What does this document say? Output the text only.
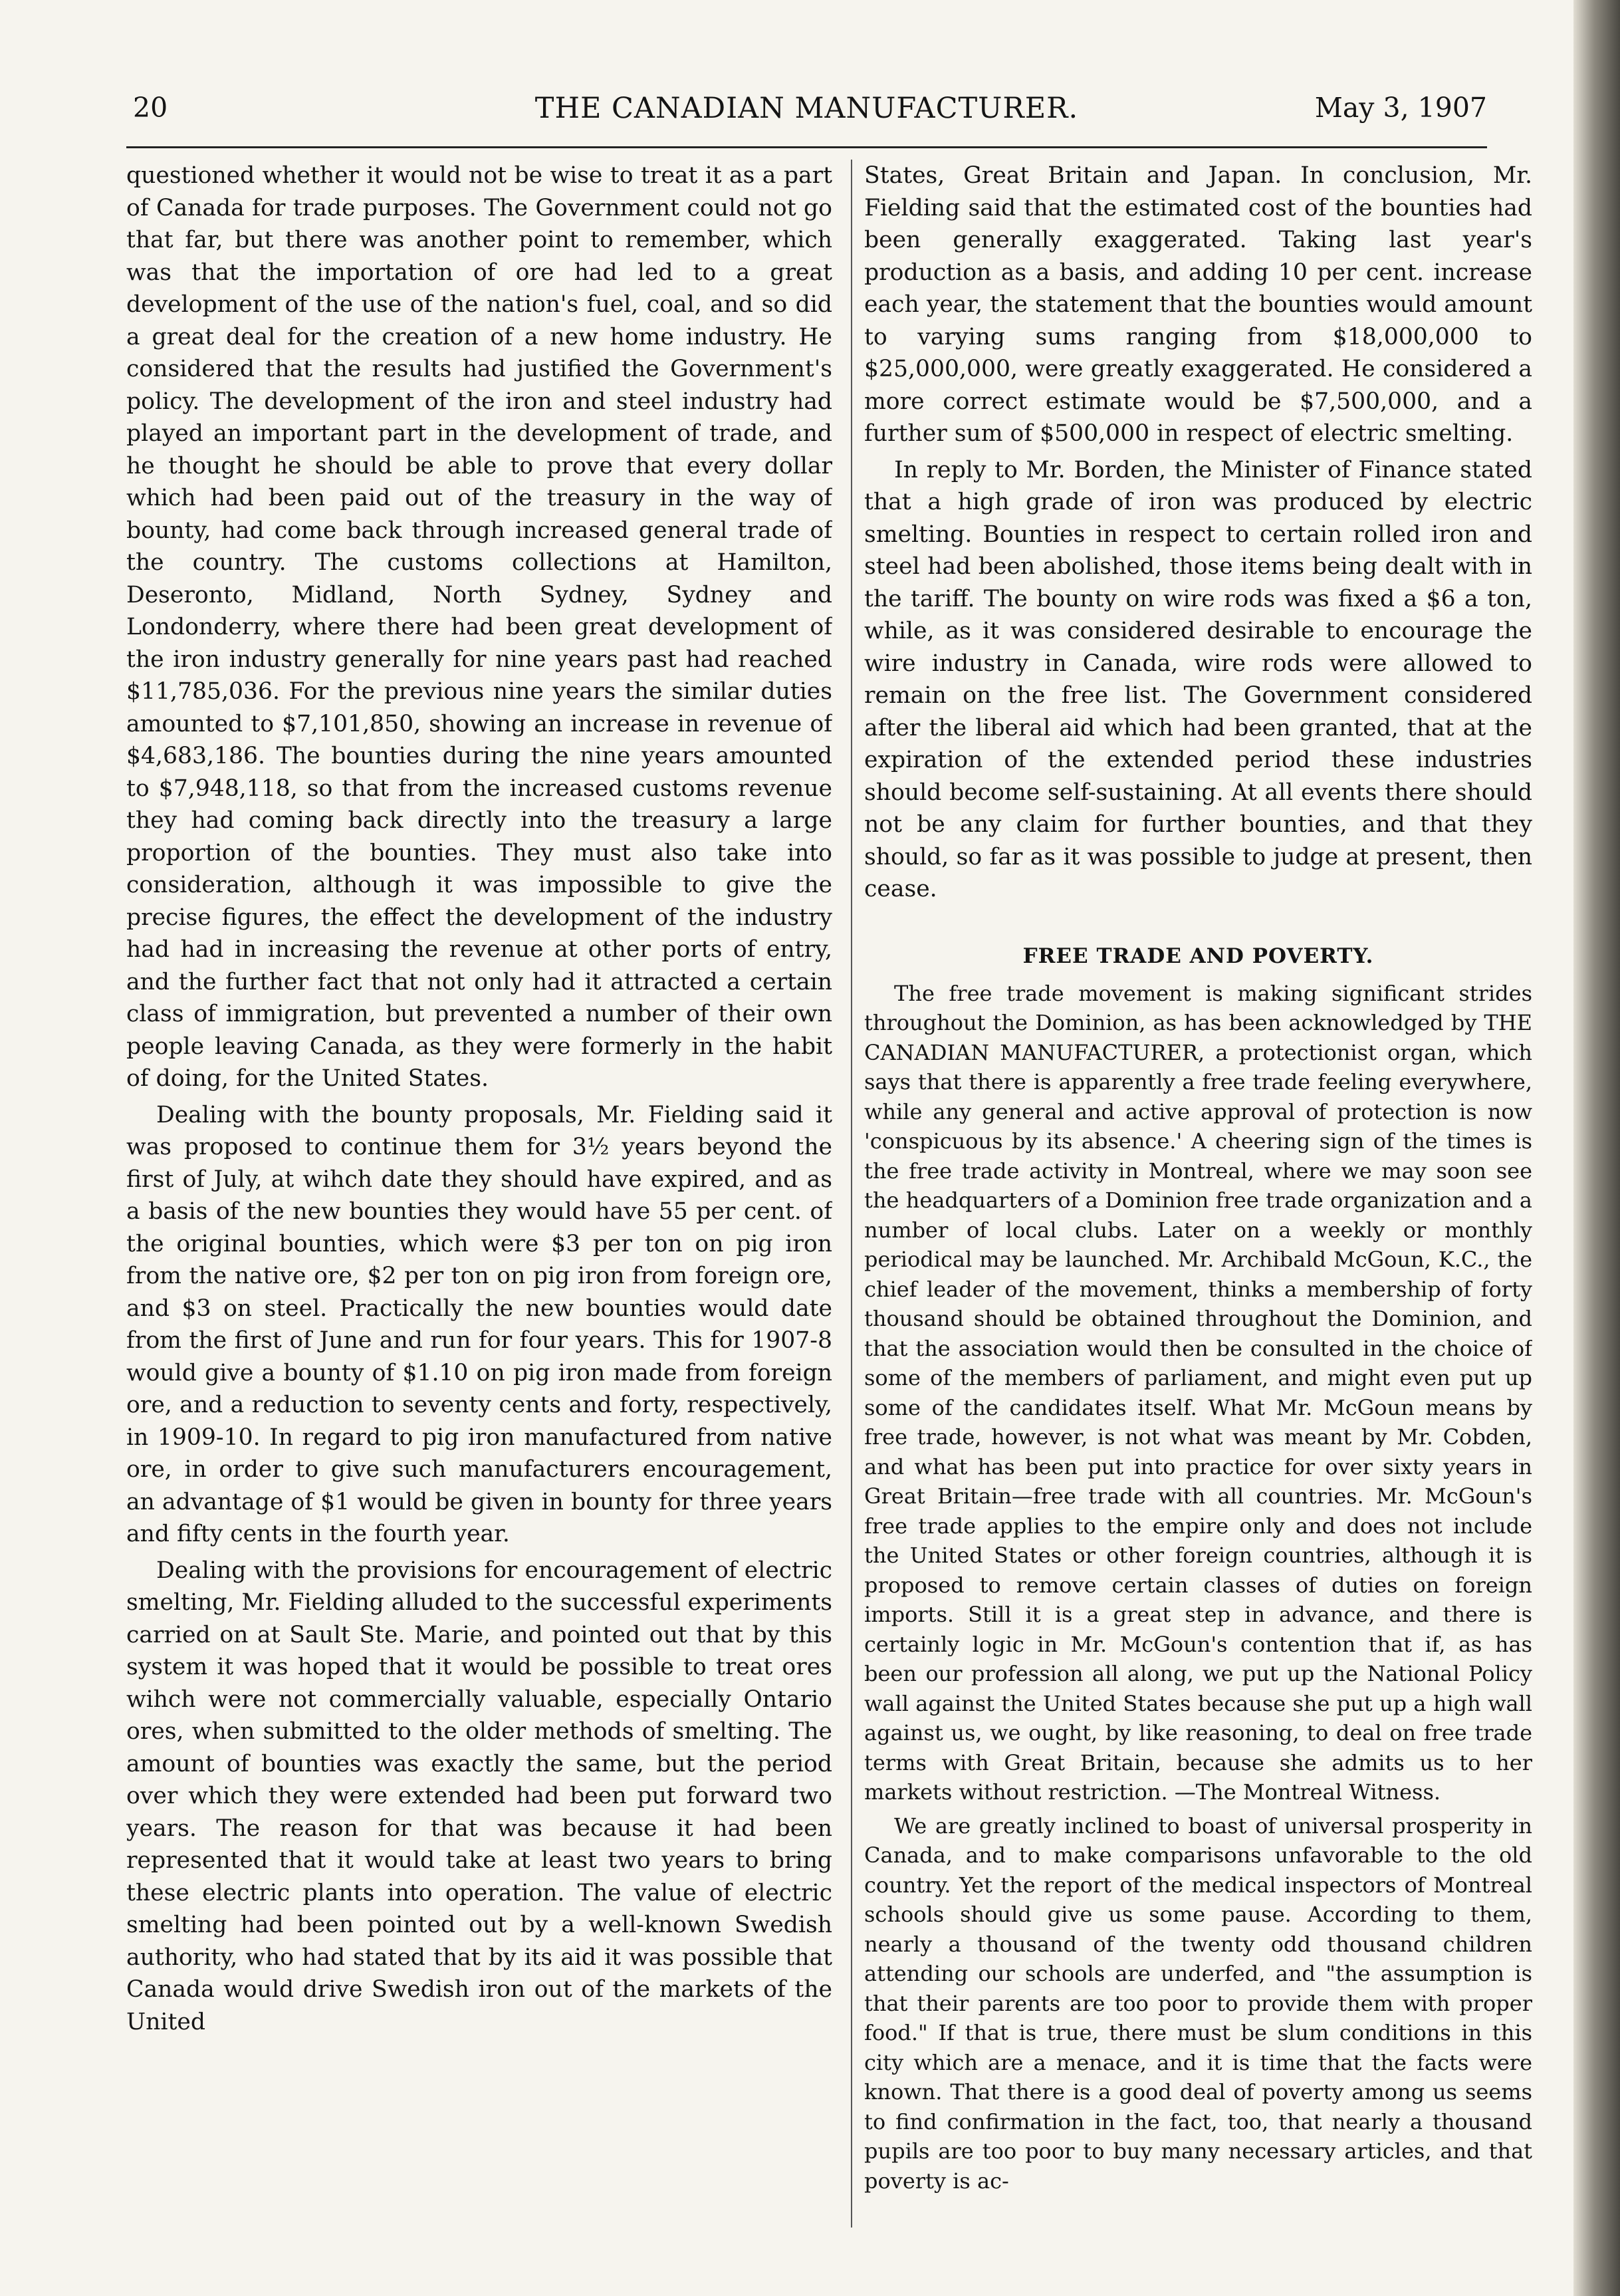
20	THE CANADIAN MANUFACTURER.	May 3, 1907

questioned whether it would not be wise to treat it as a part of Canada for trade purposes. The Government could not go that far, but there was another point to remember, which was that the importation of ore had led to a great development of the use of the nation's fuel, coal, and so did a great deal for the creation of a new home industry. He considered that the results had justified the Government's policy. The development of the iron and steel industry had played an important part in the development of trade, and he thought he should be able to prove that every dollar which had been paid out of the treasury in the way of bounty, had come back through increased general trade of the country. The customs collections at Hamilton, Deseronto, Midland, North Sydney, Sydney and Londonderry, where there had been great development of the iron industry generally for nine years past had reached $11,785,036. For the previous nine years the similar duties amounted to $7,101,850, showing an increase in revenue of $4,683,186. The bounties during the nine years amounted to $7,948,118, so that from the increased customs revenue they had coming back directly into the treasury a large proportion of the bounties. They must also take into consideration, although it was impossible to give the precise figures, the effect the development of the industry had had in increasing the revenue at other ports of entry, and the further fact that not only had it attracted a certain class of immigration, but prevented a number of their own people leaving Canada, as they were formerly in the habit of doing, for the United States.

Dealing with the bounty proposals, Mr. Fielding said it was proposed to continue them for 3½ years beyond the first of July, at wihch date they should have expired, and as a basis of the new bounties they would have 55 per cent. of the original bounties, which were $3 per ton on pig iron from the native ore, $2 per ton on pig iron from foreign ore, and $3 on steel. Practically the new bounties would date from the first of June and run for four years. This for 1907-8 would give a bounty of $1.10 on pig iron made from foreign ore, and a reduction to seventy cents and forty, respectively, in 1909-10. In regard to pig iron manufactured from native ore, in order to give such manufacturers encouragement, an advantage of $1 would be given in bounty for three years and fifty cents in the fourth year.

Dealing with the provisions for encouragement of electric smelting, Mr. Fielding alluded to the successful experiments carried on at Sault Ste. Marie, and pointed out that by this system it was hoped that it would be possible to treat ores wihch were not commercially valuable, especially Ontario ores, when submitted to the older methods of smelting. The amount of bounties was exactly the same, but the period over which they were extended had been put forward two years. The reason for that was because it had been represented that it would take at least two years to bring these electric plants into operation. The value of electric smelting had been pointed out by a well-known Swedish authority, who had stated that by its aid it was possible that Canada would drive Swedish iron out of the markets of the United

States, Great Britain and Japan. In conclusion, Mr. Fielding said that the estimated cost of the bounties had been generally exaggerated. Taking last year's production as a basis, and adding 10 per cent. increase each year, the statement that the bounties would amount to varying sums ranging from $18,000,000 to $25,000,000, were greatly exaggerated. He considered a more correct estimate would be $7,500,000, and a further sum of $500,000 in respect of electric smelting.

In reply to Mr. Borden, the Minister of Finance stated that a high grade of iron was produced by electric smelting. Bounties in respect to certain rolled iron and steel had been abolished, those items being dealt with in the tariff. The bounty on wire rods was fixed a $6 a ton, while, as it was considered desirable to encourage the wire industry in Canada, wire rods were allowed to remain on the free list. The Government considered after the liberal aid which had been granted, that at the expiration of the extended period these industries should become self-sustaining. At all events there should not be any claim for further bounties, and that they should, so far as it was possible to judge at present, then cease.

FREE TRADE AND POVERTY.

The free trade movement is making significant strides throughout the Dominion, as has been acknowledged by THE CANADIAN MANUFACTURER, a protectionist organ, which says that there is apparently a free trade feeling everywhere, while any general and active approval of protection is now 'conspicuous by its absence.' A cheering sign of the times is the free trade activity in Montreal, where we may soon see the headquarters of a Dominion free trade organization and a number of local clubs. Later on a weekly or monthly periodical may be launched. Mr. Archibald McGoun, K.C., the chief leader of the movement, thinks a membership of forty thousand should be obtained throughout the Dominion, and that the association would then be consulted in the choice of some of the members of parliament, and might even put up some of the candidates itself. What Mr. McGoun means by free trade, however, is not what was meant by Mr. Cobden, and what has been put into practice for over sixty years in Great Britain—free trade with all countries. Mr. McGoun's free trade applies to the empire only and does not include the United States or other foreign countries, although it is proposed to remove certain classes of duties on foreign imports. Still it is a great step in advance, and there is certainly logic in Mr. McGoun's contention that if, as has been our profession all along, we put up the National Policy wall against the United States because she put up a high wall against us, we ought, by like reasoning, to deal on free trade terms with Great Britain, because she admits us to her markets without restriction. —The Montreal Witness.

We are greatly inclined to boast of universal prosperity in Canada, and to make comparisons unfavorable to the old country. Yet the report of the medical inspectors of Montreal schools should give us some pause. According to them, nearly a thousand of the twenty odd thousand children attending our schools are underfed, and "the assumption is that their parents are too poor to provide them with proper food." If that is true, there must be slum conditions in this city which are a menace, and it is time that the facts were known. That there is a good deal of poverty among us seems to find confirmation in the fact, too, that nearly a thousand pupils are too poor to buy many necessary articles, and that poverty is ac-
